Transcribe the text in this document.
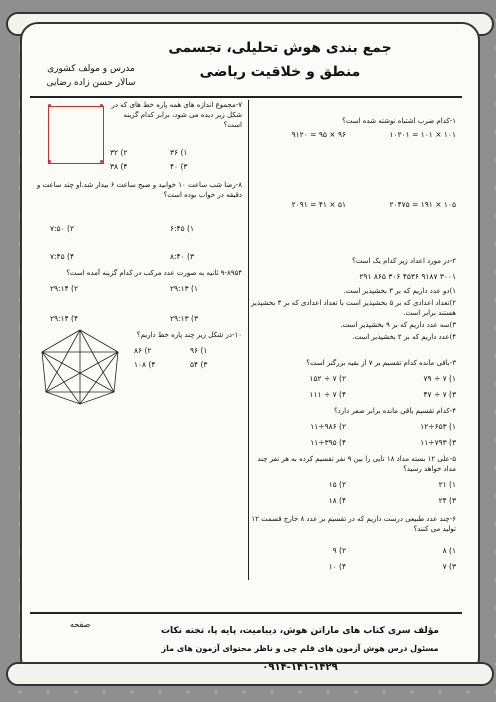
جمع بندی هوش تحلیلی، تجسمی
منطق و خلاقیت ریاضی
مدرس و مولف کشوری
سالار حسن زاده رضایی
۱-کدام ضرب اشتباه نوشته شده است؟
۱۰۱ × ۱۰۱ = ۱۰۲۰۱
۹۶ × ۹۵ = ۹۱۲۰
۱۰۵ × ۱۹۱ = ۲۰۴۷۵
۵۱ × ۴۱ = ۲۰۹۱
۲-در مورد اعداد زیر کدام یک است؟
۳۰۰۱ ۹۱۸۷ ۴۵۳۶ ۳۰۶ ۸۶۵ ۲۹۱
۱)دو عدد داریم که بر ۳ بخشپذیر است.
۲)تعداد اعدادی که بر ۵ بخشپذیر است با تعداد اعدادی که بر ۳ بخشپذیر هستند برابر است.
۳)سه عدد داریم که بر ۹ بخشپذیر است.
۴)عدد داریم که بر ۲ بخشپذیر است.
۳-باقی مانده کدام تقسیم بر ۷ از بقیه بزرگتر است؟
۱) ۷ ÷ ۷۹
۲) ۷ ÷ ۱۵۲
۳) ۷ ÷ ۴۷
۴) ۷ ÷ ۱۱۱
۴-کدام تقسیم باقی مانده برابر صفر دارد؟
۱) ۶۵۳÷۱۲
۲) ۹۸۶÷۱۱
۳) ۷۹۳÷۱۱
۴) ۳۹۵÷۱۱
۵-علی ۱۲ بسته مداد ۱۸ تایی را بین ۹ نفر تقسیم کرده به هر نفر چند مداد خواهد رسید؟
۱) ۲۱
۲) ۱۵
۳) ۲۴
۴) ۱۸
۶-چند عدد طبیعی درست داریم که در تقسیم بر عدد ۸ خارج قسمت ۱۲ تولید می کنند؟
۱) ۸
۲) ۹
۳) ۷
۴) ۱۰
۷-مجموع اندازه های همه پاره خط های که در شکل زیر دیده می شود، برابر کدام گزینه است؟
۱) ۳۶
۲) ۳۲
۳) ۴۰
۴) ۳۸
۸-رضا شب ساعت ۱۰ خوابید و صبح ساعت ۶ بیدار شد.او چند ساعت و دقیقه در خواب بوده است؟
۱) ۶:۴۵
۲) ۷:۵۰
۳) ۸:۴۰
۴) ۷:۴۵
۹-۸۹۵۴ ثانیه به صورت عدد مرکب در کدام گزینه آمده است؟
۱) ۲۹:۱۳
۲) ۲۹:۱۴
۳) ۲۹:۱۳
۴) ۲۹:۱۴
۱۰-در شکل زیر چند پاره خط داریم؟
۱) ۹۶
۲) ۸۶
۳) ۵۴
۴) ۱۰۸
صفحه
مؤلف سری کتاب های ماراتن هوش، دیبامیت، پایه پا، تخته نکات
مسئول درس هوش آزمون های قلم چی و ناظر محتوای آزمون های ماز
۰۹۱۴-۱۴۱-۱۴۲۹
